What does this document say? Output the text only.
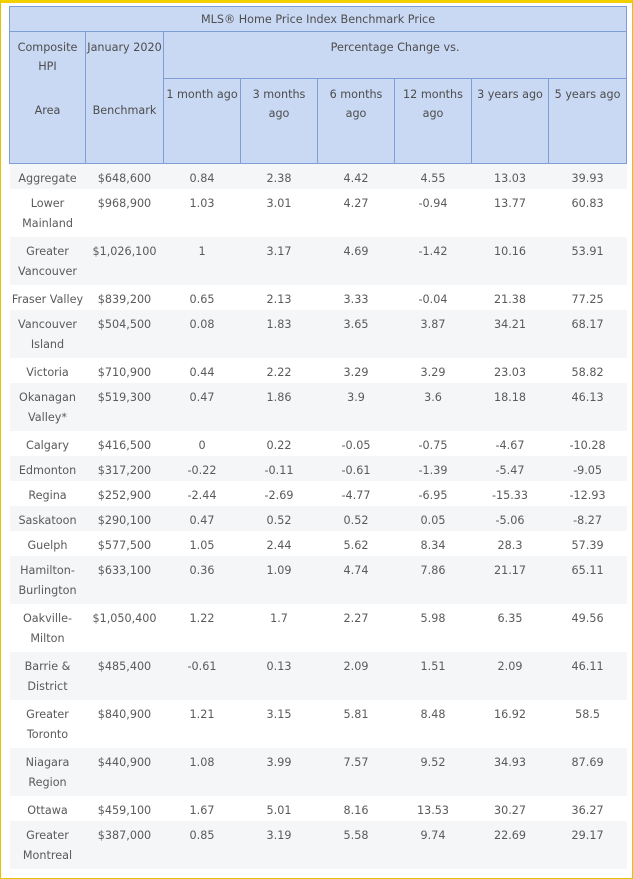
MLS® Home Price Index Benchmark Price							
Composite HPI	January 2020	Percentage Change vs.					
Area	Benchmark	1 month ago	3 months ago	6 months ago	12 months ago	3 years ago	5 years ago
Aggregate	$648,600	0.84	2.38	4.42	4.55	13.03	39.93
Lower Mainland	$968,900	1.03	3.01	4.27	-0.94	13.77	60.83
Greater Vancouver	$1,026,100	1	3.17	4.69	-1.42	10.16	53.91
Fraser Valley	$839,200	0.65	2.13	3.33	-0.04	21.38	77.25
Vancouver Island	$504,500	0.08	1.83	3.65	3.87	34.21	68.17
Victoria	$710,900	0.44	2.22	3.29	3.29	23.03	58.82
Okanagan Valley*	$519,300	0.47	1.86	3.9	3.6	18.18	46.13
Calgary	$416,500	0	0.22	-0.05	-0.75	-4.67	-10.28
Edmonton	$317,200	-0.22	-0.11	-0.61	-1.39	-5.47	-9.05
Regina	$252,900	-2.44	-2.69	-4.77	-6.95	-15.33	-12.93
Saskatoon	$290,100	0.47	0.52	0.52	0.05	-5.06	-8.27
Guelph	$577,500	1.05	2.44	5.62	8.34	28.3	57.39
Hamilton-Burlington	$633,100	0.36	1.09	4.74	7.86	21.17	65.11
Oakville-Milton	$1,050,400	1.22	1.7	2.27	5.98	6.35	49.56
Barrie & District	$485,400	-0.61	0.13	2.09	1.51	2.09	46.11
Greater Toronto	$840,900	1.21	3.15	5.81	8.48	16.92	58.5
Niagara Region	$440,900	1.08	3.99	7.57	9.52	34.93	87.69
Ottawa	$459,100	1.67	5.01	8.16	13.53	30.27	36.27
Greater Montreal	$387,000	0.85	3.19	5.58	9.74	22.69	29.17
